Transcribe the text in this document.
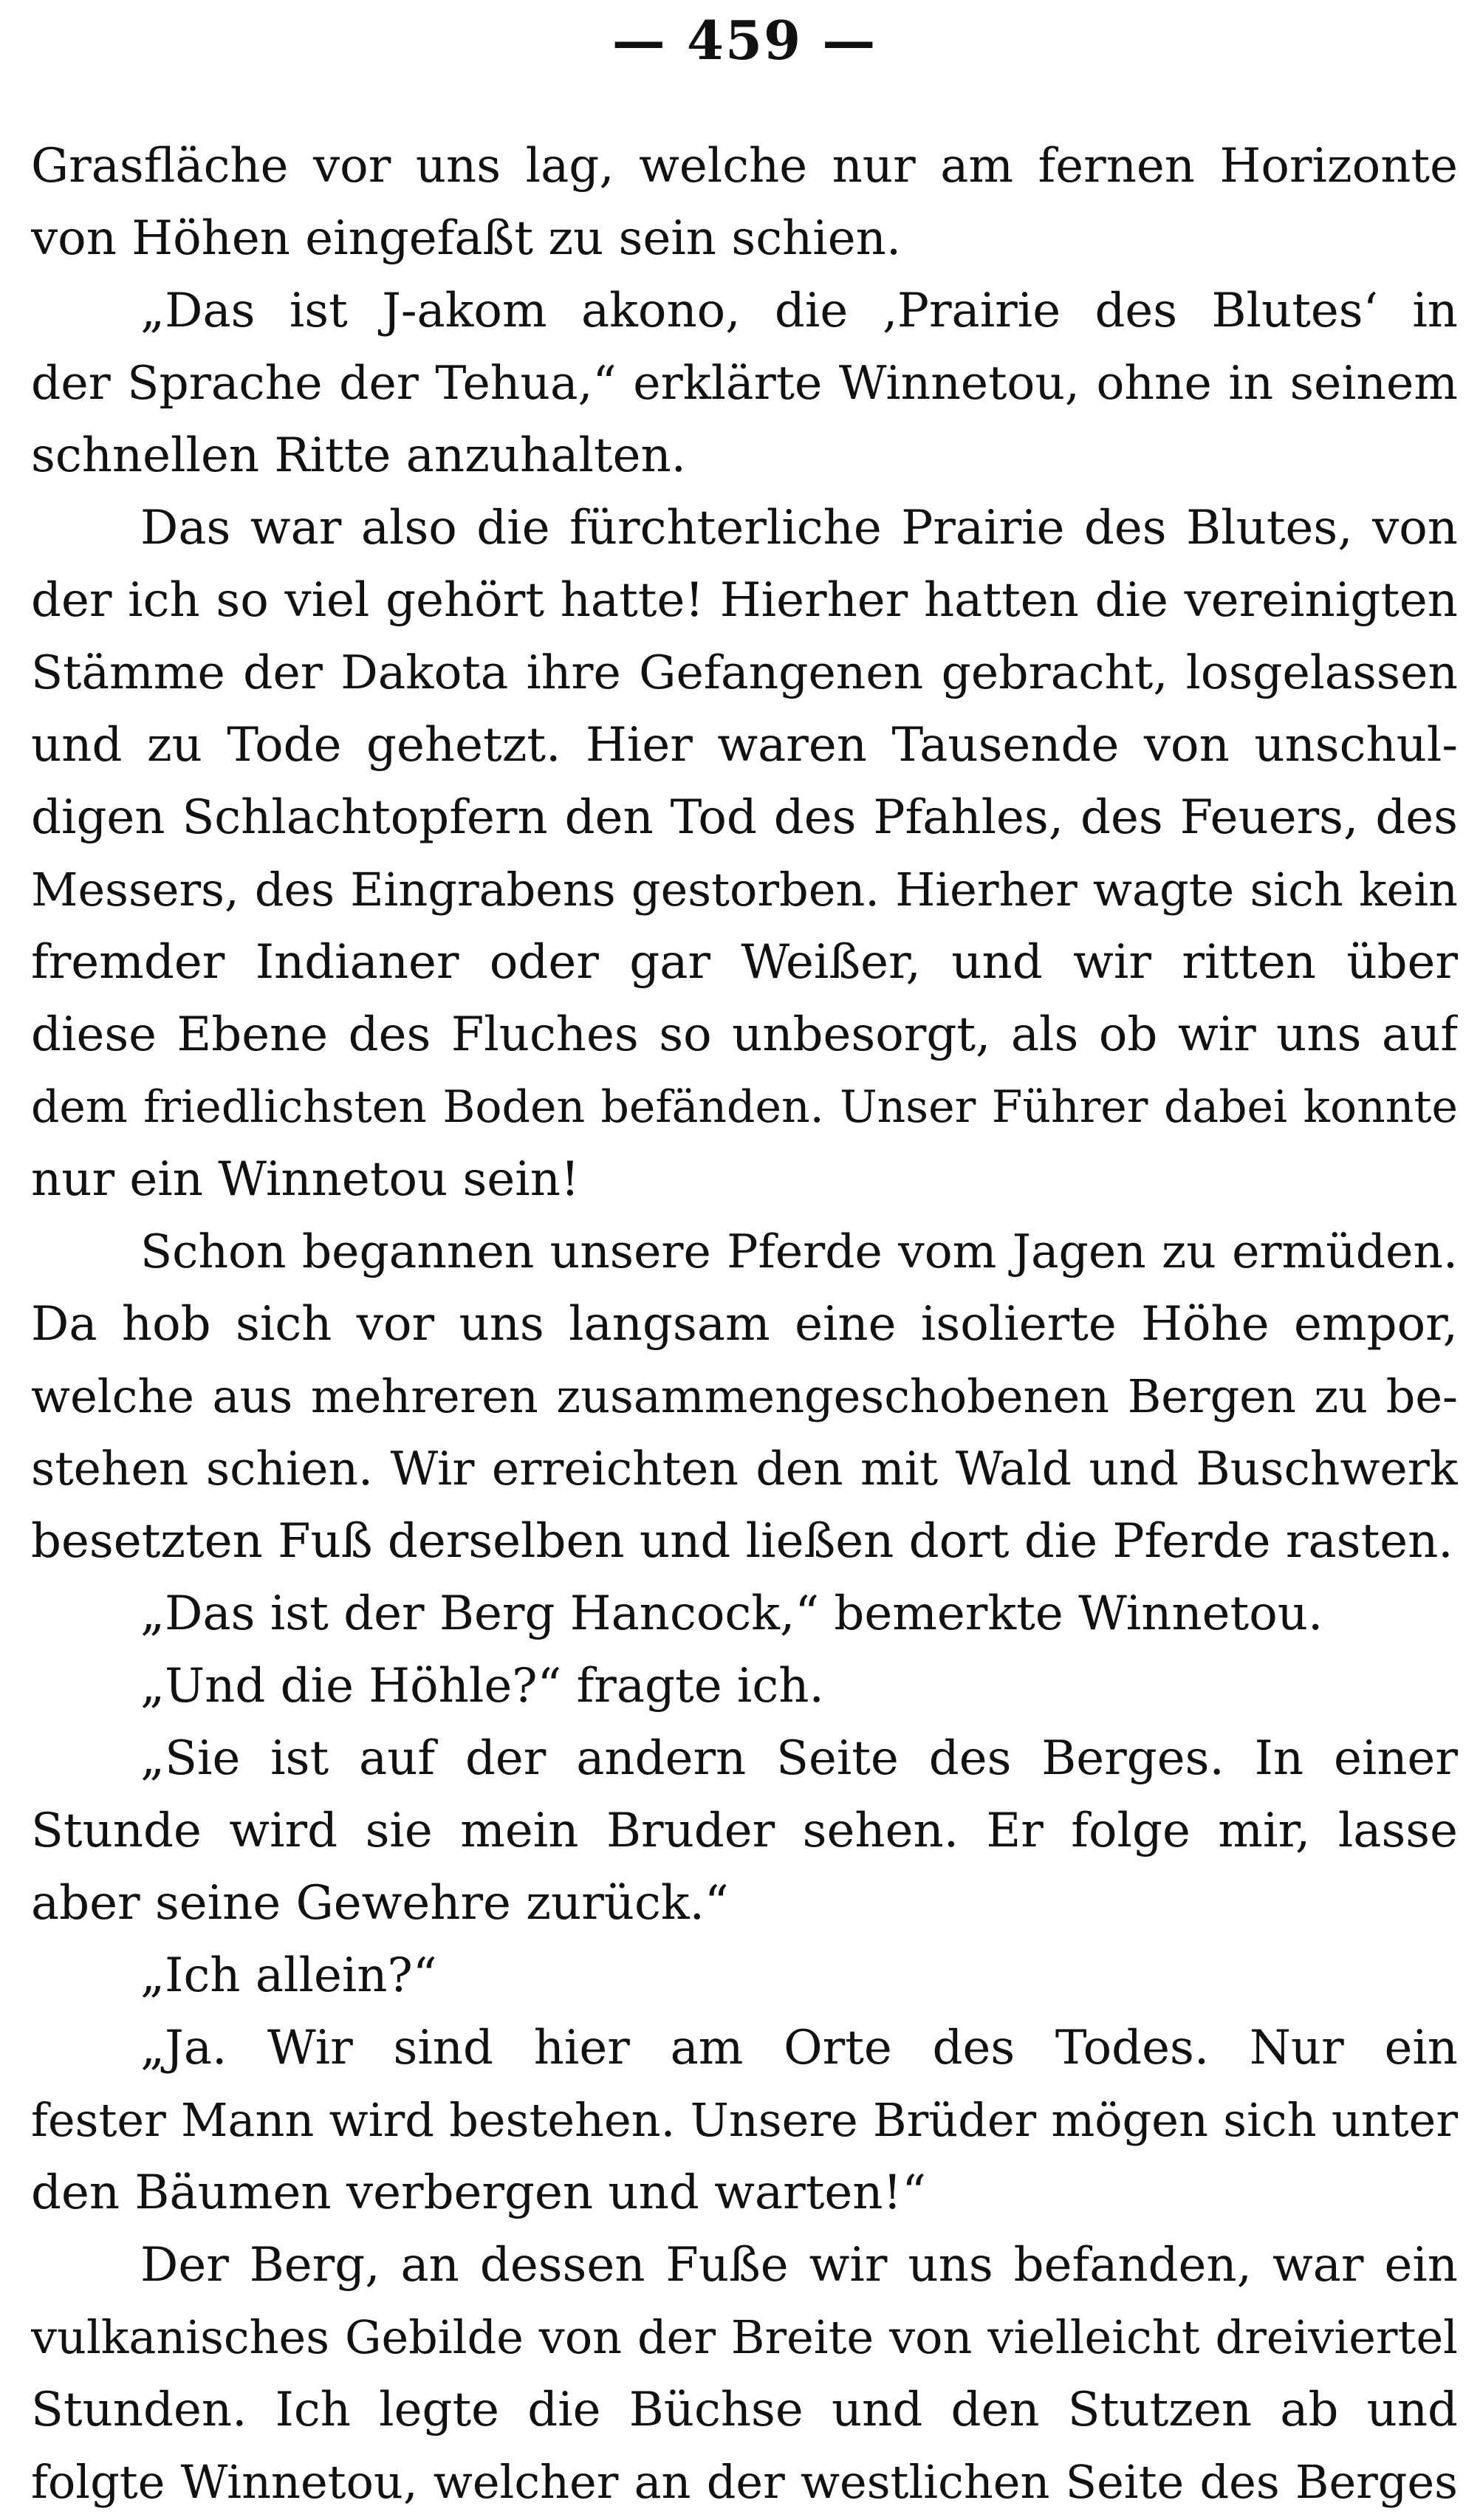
— 459 —
Grasfläche vor uns lag, welche nur am fernen Horizonte
von Höhen eingefaßt zu sein schien.
„Das ist J-akom akono, die ‚Prairie des Blutes‘ in
der Sprache der Tehua,“ erklärte Winnetou, ohne in seinem
schnellen Ritte anzuhalten.
Das war also die fürchterliche Prairie des Blutes, von
der ich so viel gehört hatte! Hierher hatten die vereinigten
Stämme der Dakota ihre Gefangenen gebracht, losgelassen
und zu Tode gehetzt. Hier waren Tausende von unschul-
digen Schlachtopfern den Tod des Pfahles, des Feuers, des
Messers, des Eingrabens gestorben. Hierher wagte sich kein
fremder Indianer oder gar Weißer, und wir ritten über
diese Ebene des Fluches so unbesorgt, als ob wir uns auf
dem friedlichsten Boden befänden. Unser Führer dabei konnte
nur ein Winnetou sein!
Schon begannen unsere Pferde vom Jagen zu ermüden.
Da hob sich vor uns langsam eine isolierte Höhe empor,
welche aus mehreren zusammengeschobenen Bergen zu be-
stehen schien. Wir erreichten den mit Wald und Buschwerk
besetzten Fuß derselben und ließen dort die Pferde rasten.
„Das ist der Berg Hancock,“ bemerkte Winnetou.
„Und die Höhle?“ fragte ich.
„Sie ist auf der andern Seite des Berges. In einer
Stunde wird sie mein Bruder sehen. Er folge mir, lasse
aber seine Gewehre zurück.“
„Ich allein?“
„Ja. Wir sind hier am Orte des Todes. Nur ein
fester Mann wird bestehen. Unsere Brüder mögen sich unter
den Bäumen verbergen und warten!“
Der Berg, an dessen Fuße wir uns befanden, war ein
vulkanisches Gebilde von der Breite von vielleicht dreiviertel
Stunden. Ich legte die Büchse und den Stutzen ab und
folgte Winnetou, welcher an der westlichen Seite des Berges
